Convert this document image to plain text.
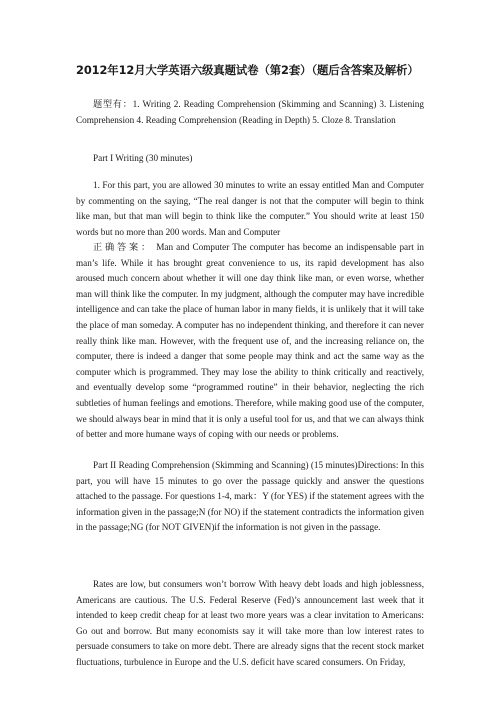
2012年12月大学英语六级真题试卷（第2套）（题后含答案及解析）
题型有：1. Writing 2. Reading Comprehension (Skimming and Scanning) 3. Listening Comprehension 4. Reading Comprehension (Reading in Depth) 5. Cloze 8. Translation
Part I Writing (30 minutes)
1. For this part, you are allowed 30 minutes to write an essay entitled Man and Computer by commenting on the saying, “The real danger is not that the computer will begin to think like man, but that man will begin to think like the computer.” You should write at least 150 words but no more than 200 words. Man and Computer
正确答案： Man and Computer The computer has become an indispensable part in man’s life. While it has brought great convenience to us, its rapid development has also aroused much concern about whether it will one day think like man, or even worse, whether man will think like the computer. In my judgment, although the computer may have incredible intelligence and can take the place of human labor in many fields, it is unlikely that it will take the place of man someday. A computer has no independent thinking, and therefore it can never really think like man. However, with the frequent use of, and the increasing reliance on, the computer, there is indeed a danger that some people may think and act the same way as the computer which is programmed. They may lose the ability to think critically and reactively, and eventually develop some “programmed routine” in their behavior, neglecting the rich subtleties of human feelings and emotions. Therefore, while making good use of the computer, we should always bear in mind that it is only a useful tool for us, and that we can always think of better and more humane ways of coping with our needs or problems.
Part II Reading Comprehension (Skimming and Scanning) (15 minutes)Directions: In this part, you will have 15 minutes to go over the passage quickly and answer the questions attached to the passage. For questions 1-4, mark：Y (for YES) if the statement agrees with the information given in the passage;N (for NO) if the statement contradicts the information given in the passage;NG (for NOT GIVEN)if the information is not given in the passage.
Rates are low, but consumers won’t borrow With heavy debt loads and high joblessness, Americans are cautious. The U.S. Federal Reserve (Fed)’s announcement last week that it intended to keep credit cheap for at least two more years was a clear invitation to Americans: Go out and borrow. But many economists say it will take more than low interest rates to persuade consumers to take on more debt. There are already signs that the recent stock market fluctuations, turbulence in Europe and the U.S. deficit have scared consumers. On Friday,
